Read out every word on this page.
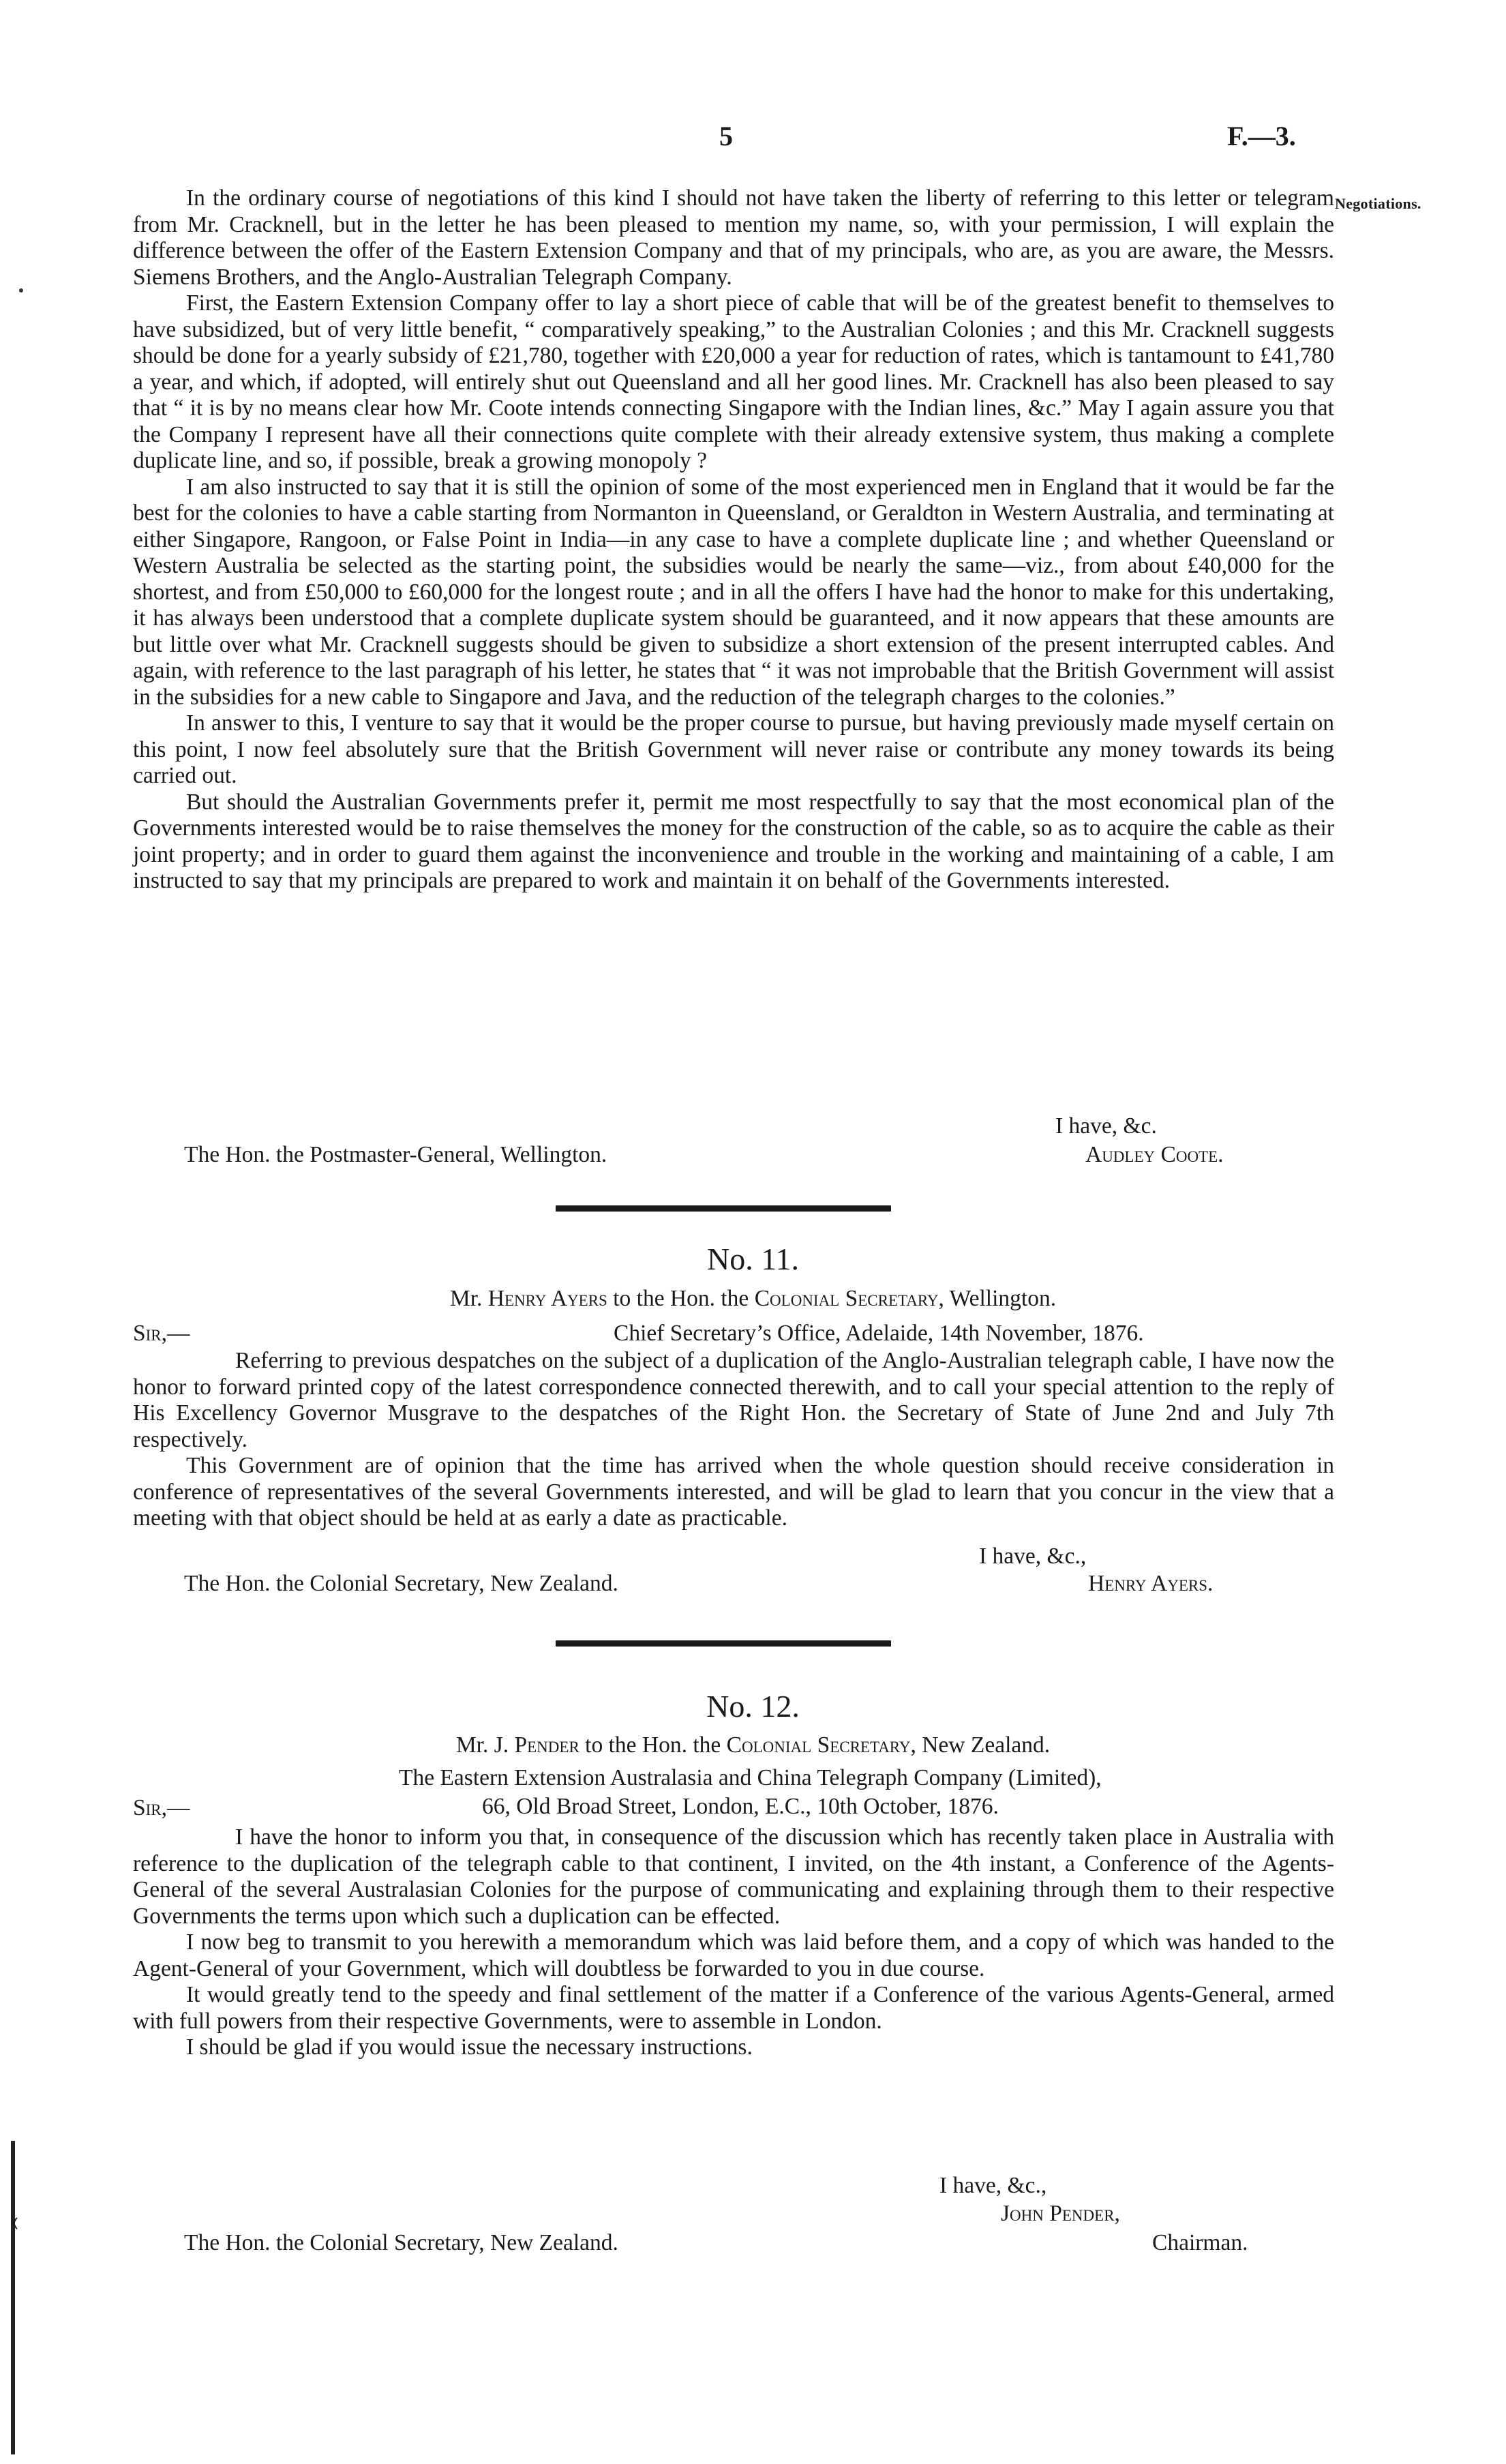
5	F.—3.
Negotiations.

In the ordinary course of negotiations of this kind I should not have taken the liberty of referring to this letter or telegram from Mr. Cracknell, but in the letter he has been pleased to mention my name, so, with your permission, I will explain the difference between the offer of the Eastern Extension Company and that of my principals, who are, as you are aware, the Messrs. Siemens Brothers, and the Anglo-Australian Telegraph Company.

First, the Eastern Extension Company offer to lay a short piece of cable that will be of the greatest benefit to themselves to have subsidized, but of very little benefit, “ comparatively speaking,” to the Australian Colonies ; and this Mr. Cracknell suggests should be done for a yearly subsidy of £21,780, together with £20,000 a year for reduction of rates, which is tantamount to £41,780 a year, and which, if adopted, will entirely shut out Queensland and all her good lines. Mr. Cracknell has also been pleased to say that “ it is by no means clear how Mr. Coote intends connecting Singapore with the Indian lines, &c.” May I again assure you that the Company I represent have all their connections quite complete with their already extensive system, thus making a complete duplicate line, and so, if possible, break a growing monopoly ?

I am also instructed to say that it is still the opinion of some of the most experienced men in England that it would be far the best for the colonies to have a cable starting from Normanton in Queensland, or Geraldton in Western Australia, and terminating at either Singapore, Rangoon, or False Point in India—in any case to have a complete duplicate line ; and whether Queensland or Western Australia be selected as the starting point, the subsidies would be nearly the same—viz., from about £40,000 for the shortest, and from £50,000 to £60,000 for the longest route ; and in all the offers I have had the honor to make for this undertaking, it has always been understood that a complete duplicate system should be guaranteed, and it now appears that these amounts are but little over what Mr. Cracknell suggests should be given to subsidize a short extension of the present interrupted cables. And again, with reference to the last paragraph of his letter, he states that “ it was not improbable that the British Government will assist in the subsidies for a new cable to Singapore and Java, and the reduction of the telegraph charges to the colonies.”

In answer to this, I venture to say that it would be the proper course to pursue, but having previously made myself certain on this point, I now feel absolutely sure that the British Government will never raise or contribute any money towards its being carried out.

But should the Australian Governments prefer it, permit me most respectfully to say that the most economical plan of the Governments interested would be to raise themselves the money for the construction of the cable, so as to acquire the cable as their joint property; and in order to guard them against the inconvenience and trouble in the working and maintaining of a cable, I am instructed to say that my principals are prepared to work and maintain it on behalf of the Governments interested.

I have, &c.
The Hon. the Postmaster-General, Wellington.	Audley Coote.
No. 11.
Mr. Henry Ayers to the Hon. the Colonial Secretary, Wellington.
Sir,—	Chief Secretary’s Office, Adelaide, 14th November, 1876.

Referring to previous despatches on the subject of a duplication of the Anglo-Australian telegraph cable, I have now the honor to forward printed copy of the latest correspondence connected therewith, and to call your special attention to the reply of His Excellency Governor Musgrave to the despatches of the Right Hon. the Secretary of State of June 2nd and July 7th respectively.

This Government are of opinion that the time has arrived when the whole question should receive consideration in conference of representatives of the several Governments interested, and will be glad to learn that you concur in the view that a meeting with that object should be held at as early a date as practicable.

I have, &c.,
The Hon. the Colonial Secretary, New Zealand.	Henry Ayers.
No. 12.
Mr. J. Pender to the Hon. the Colonial Secretary, New Zealand.
The Eastern Extension Australasia and China Telegraph Company (Limited),
Sir,—	66, Old Broad Street, London, E.C., 10th October, 1876.

I have the honor to inform you that, in consequence of the discussion which has recently taken place in Australia with reference to the duplication of the telegraph cable to that continent, I invited, on the 4th instant, a Conference of the Agents-General of the several Australasian Colonies for the purpose of communicating and explaining through them to their respective Governments the terms upon which such a duplication can be effected.

I now beg to transmit to you herewith a memorandum which was laid before them, and a copy of which was handed to the Agent-General of your Government, which will doubtless be forwarded to you in due course.

It would greatly tend to the speedy and final settlement of the matter if a Conference of the various Agents-General, armed with full powers from their respective Governments, were to assemble in London.

I should be glad if you would issue the necessary instructions.

I have, &c.,
John Pender,
The Hon. the Colonial Secretary, New Zealand.	Chairman.
‹
